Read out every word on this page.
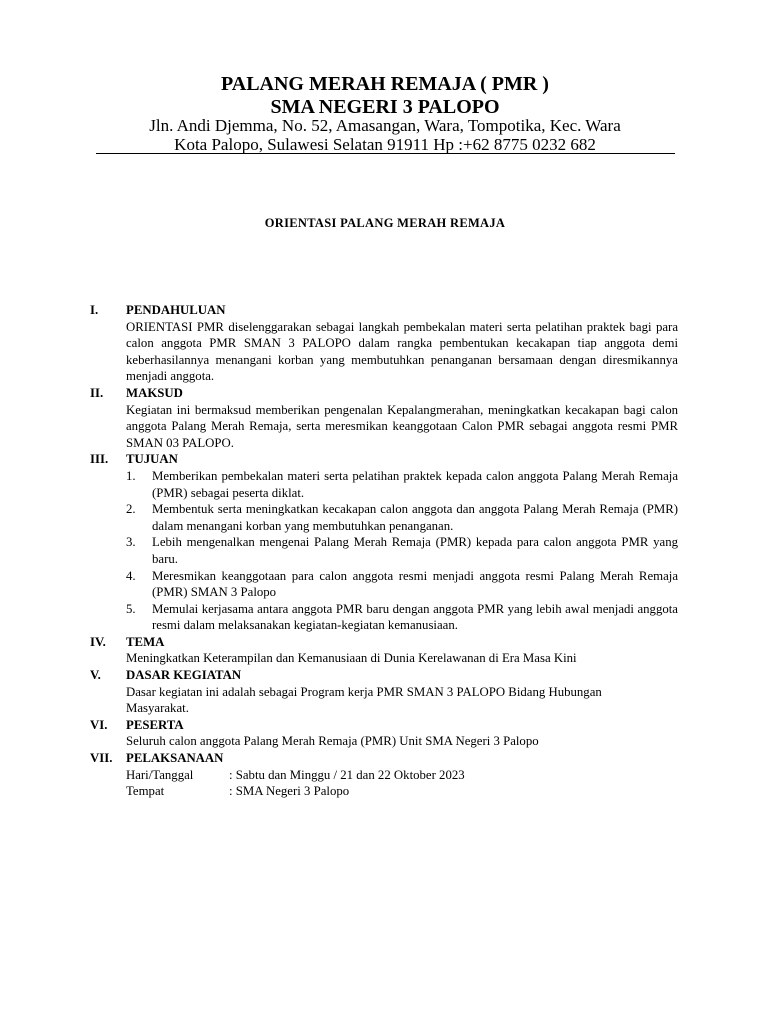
PALANG MERAH REMAJA ( PMR )
SMA NEGERI 3 PALOPO
Jln. Andi Djemma, No. 52, Amasangan, Wara, Tompotika, Kec. Wara
Kota Palopo, Sulawesi Selatan 91911 Hp :+62 8775 0232 682
ORIENTASI PALANG MERAH REMAJA
I.	PENDAHULUAN
ORIENTASI PMR diselenggarakan sebagai langkah pembekalan materi serta pelatihan praktek bagi para calon anggota PMR SMAN 3 PALOPO dalam rangka pembentukan kecakapan tiap anggota demi keberhasilannya menangani korban yang membutuhkan penanganan bersamaan dengan diresmikannya menjadi anggota.
II.	MAKSUD
Kegiatan ini bermaksud memberikan pengenalan Kepalangmerahan, meningkatkan kecakapan bagi calon anggota Palang Merah Remaja, serta meresmikan keanggotaan Calon PMR sebagai anggota resmi PMR SMAN 03 PALOPO.
III.	TUJUAN
1.	Memberikan pembekalan materi serta pelatihan praktek kepada calon anggota Palang Merah Remaja (PMR) sebagai peserta diklat.
2.	Membentuk serta meningkatkan kecakapan calon anggota dan anggota Palang Merah Remaja (PMR) dalam menangani korban yang membutuhkan penanganan.
3.	Lebih mengenalkan mengenai Palang Merah Remaja (PMR) kepada para calon anggota PMR yang baru.
4.	Meresmikan keanggotaan para calon anggota resmi menjadi anggota resmi Palang Merah Remaja (PMR) SMAN 3 Palopo
5.	Memulai kerjasama antara anggota PMR baru dengan anggota PMR yang lebih awal menjadi anggota resmi dalam melaksanakan kegiatan-kegiatan kemanusiaan.
IV.	TEMA
Meningkatkan Keterampilan dan Kemanusiaan di Dunia Kerelawanan di Era Masa Kini
V.	DASAR KEGIATAN
Dasar kegiatan ini adalah sebagai Program kerja PMR SMAN 3 PALOPO Bidang Hubungan Masyarakat.
VI.	PESERTA
Seluruh calon anggota Palang Merah Remaja (PMR) Unit SMA Negeri 3 Palopo
VII.	PELAKSANAAN
Hari/Tanggal	: Sabtu dan Minggu / 21 dan 22 Oktober 2023
Tempat	: SMA Negeri 3 Palopo
